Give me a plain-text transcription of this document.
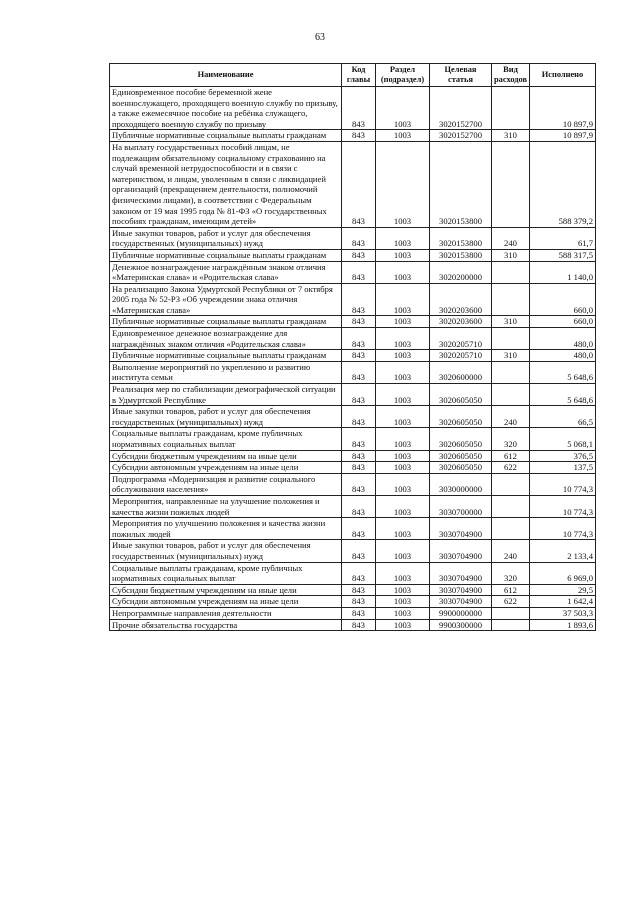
63
Наименование	Код главы	Раздел (подраздел)	Целевая статья	Вид расходов	Исполнено
Единовременное пособие беременной жене военнослужащего, проходящего военную службу по призыву, а также ежемесячное пособие на ребёнка служащего, проходящего военную службу по призыву	843	1003	3020152700		10 897,9
Публичные нормативные социальные выплаты гражданам	843	1003	3020152700	310	10 897,9
На выплату государственных пособий лицам, не подлежащим обязательному социальному страхованию на случай временной нетрудоспособности и в связи с материнством, и лицам, уволенным в связи с ликвидацией организаций (прекращением деятельности, полномочий физическими лицами), в соответствии с Федеральным законом от 19 мая 1995 года № 81-ФЗ «О государственных пособиях гражданам, имеющим детей»	843	1003	3020153800		588 379,2
Иные закупки товаров, работ и услуг для обеспечения государственных (муниципальных) нужд	843	1003	3020153800	240	61,7
Публичные нормативные социальные выплаты гражданам	843	1003	3020153800	310	588 317,5
Денежное вознаграждение награждённым знаком отличия «Материнская слава» и «Родительская слава»	843	1003	3020200000		1 140,0
На реализацию Закона Удмуртской Республики от 7 октября 2005 года № 52-РЗ «Об учреждении знака отличия «Материнская слава»	843	1003	3020203600		660,0
Публичные нормативные социальные выплаты гражданам	843	1003	3020203600	310	660,0
Единовременное денежное вознаграждение для награждённых знаком отличия «Родительская слава»	843	1003	3020205710		480,0
Публичные нормативные социальные выплаты гражданам	843	1003	3020205710	310	480,0
Выполнение мероприятий по укреплению и развитию института семьи	843	1003	3020600000		5 648,6
Реализация мер по стабилизации демографической ситуации в Удмуртской Республике	843	1003	3020605050		5 648,6
Иные закупки товаров, работ и услуг для обеспечения государственных (муниципальных) нужд	843	1003	3020605050	240	66,5
Социальные выплаты гражданам, кроме публичных нормативных социальных выплат	843	1003	3020605050	320	5 068,1
Субсидии бюджетным учреждениям на иные цели	843	1003	3020605050	612	376,5
Субсидии автономным учреждениям на иные цели	843	1003	3020605050	622	137,5
Подпрограмма «Модернизация и развитие социального обслуживания населения»	843	1003	3030000000		10 774,3
Мероприятия, направленные на улучшение положения и качества жизни пожилых людей	843	1003	3030700000		10 774,3
Мероприятия по улучшению положения и качества жизни пожилых людей	843	1003	3030704900		10 774,3
Иные закупки товаров, работ и услуг для обеспечения государственных (муниципальных) нужд	843	1003	3030704900	240	2 133,4
Социальные выплаты гражданам, кроме публичных нормативных социальных выплат	843	1003	3030704900	320	6 969,0
Субсидии бюджетным учреждениям на иные цели	843	1003	3030704900	612	29,5
Субсидии автономным учреждениям на иные цели	843	1003	3030704900	622	1 642,4
Непрограммные направления деятельности	843	1003	9900000000		37 503,3
Прочие обязательства государства	843	1003	9900300000		1 893,6
